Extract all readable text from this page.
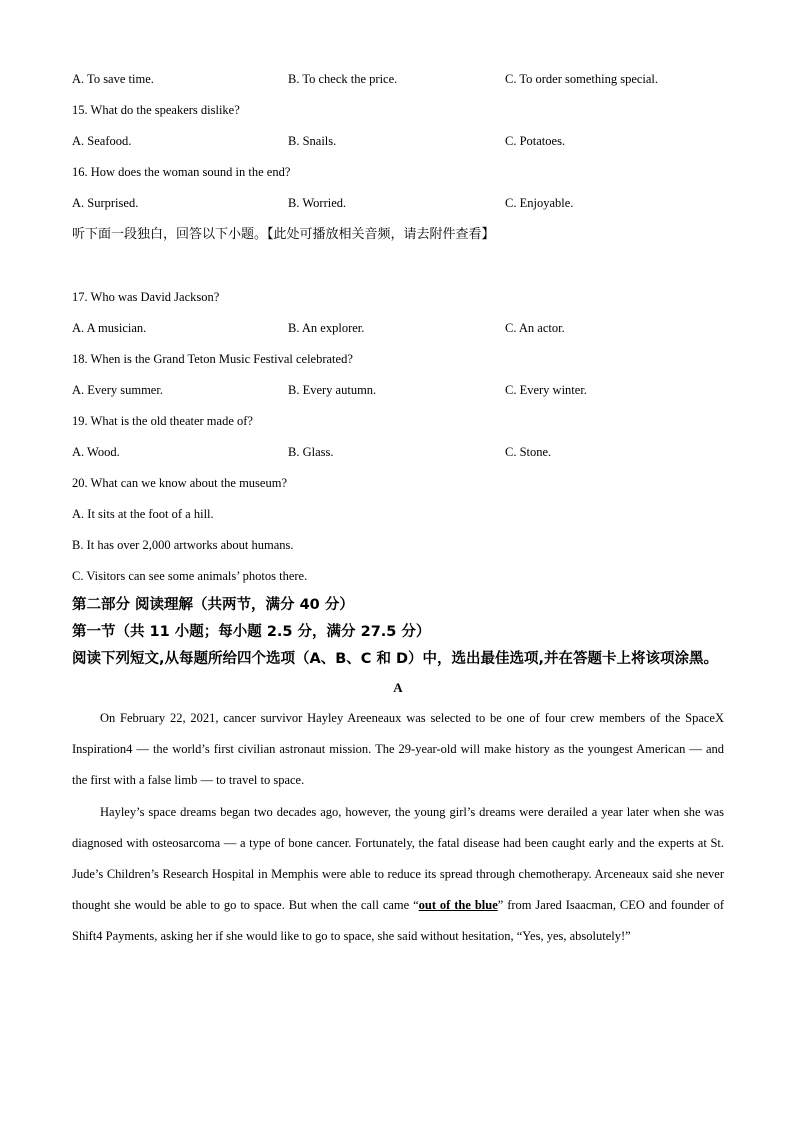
A. To save time.	B. To check the price.	C. To order something special.
15. What do the speakers dislike?
A. Seafood.	B. Snails.	C. Potatoes.
16. How does the woman sound in the end?
A. Surprised.	B. Worried.	C. Enjoyable.
听下面一段独白，回答以下小题。【此处可播放相关音频，请去附件查看】
17. Who was David Jackson?
A. A musician.	B. An explorer.	C. An actor.
18. When is the Grand Teton Music Festival celebrated?
A. Every summer.	B. Every autumn.	C. Every winter.
19. What is the old theater made of?
A. Wood.	B. Glass.	C. Stone.
20. What can we know about the museum?
A. It sits at the foot of a hill.
B. It has over 2,000 artworks about humans.
C. Visitors can see some animals’ photos there.
第二部分 阅读理解（共两节，满分 40 分）
第一节（共 11 小题；每小题 2.5 分，满分 27.5 分）
阅读下列短文,从每题所给四个选项（A、B、C 和 D）中，选出最佳选项,并在答题卡上将该项涂黑。
A

On February 22, 2021, cancer survivor Hayley Areeneaux was selected to be one of four crew members of the SpaceX Inspiration4 — the world’s first civilian astronaut mission. The 29-year-old will make history as the youngest American — and the first with a false limb — to travel to space.

Hayley’s space dreams began two decades ago, however, the young girl’s dreams were derailed a year later when she was diagnosed with osteosarcoma — a type of bone cancer. Fortunately, the fatal disease had been caught early and the experts at St. Jude’s Children’s Research Hospital in Memphis were able to reduce its spread through chemotherapy. Arceneaux said she never thought she would be able to go to space. But when the call came “out of the blue” from Jared Isaacman, CEO and founder of Shift4 Payments, asking her if she would like to go to space, she said without hesitation, “Yes, yes, absolutely!”
